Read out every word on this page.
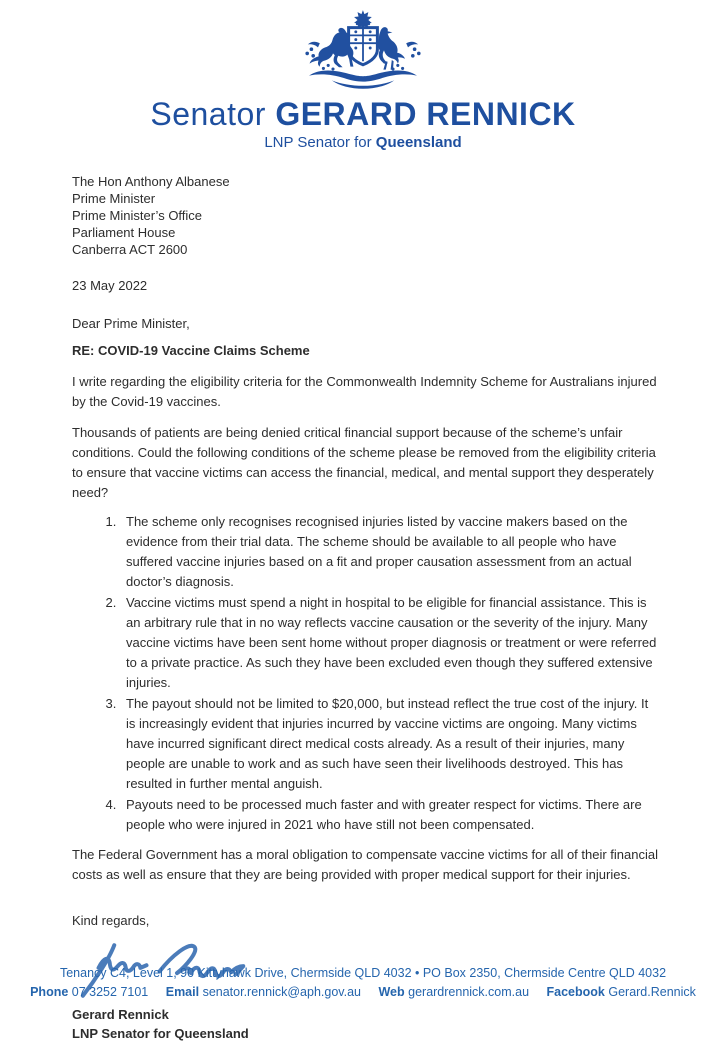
Senator GERARD RENNICK
LNP Senator for Queensland
The Hon Anthony Albanese
Prime Minister
Prime Minister’s Office
Parliament House
Canberra ACT 2600
23 May 2022
Dear Prime Minister,
RE: COVID-19 Vaccine Claims Scheme
I write regarding the eligibility criteria for the Commonwealth Indemnity Scheme for Australians injured by the Covid-19 vaccines.
Thousands of patients are being denied critical financial support because of the scheme’s unfair conditions. Could the following conditions of the scheme please be removed from the eligibility criteria to ensure that vaccine victims can access the financial, medical, and mental support they desperately need?
1. The scheme only recognises recognised injuries listed by vaccine makers based on the evidence from their trial data. The scheme should be available to all people who have suffered vaccine injuries based on a fit and proper causation assessment from an actual doctor’s diagnosis.
2. Vaccine victims must spend a night in hospital to be eligible for financial assistance. This is an arbitrary rule that in no way reflects vaccine causation or the severity of the injury. Many vaccine victims have been sent home without proper diagnosis or treatment or were referred to a private practice. As such they have been excluded even though they suffered extensive injuries.
3. The payout should not be limited to $20,000, but instead reflect the true cost of the injury. It is increasingly evident that injuries incurred by vaccine victims are ongoing. Many victims have incurred significant direct medical costs already. As a result of their injuries, many people are unable to work and as such have seen their livelihoods destroyed. This has resulted in further mental anguish.
4. Payouts need to be processed much faster and with greater respect for victims. There are people who were injured in 2021 who have still not been compensated.
The Federal Government has a moral obligation to compensate vaccine victims for all of their financial costs as well as ensure that they are being provided with proper medical support for their injuries.
Kind regards,
Gerard Rennick
LNP Senator for Queensland
Tenancy C4, Level 1, 90 Kittyhawk Drive, Chermside QLD 4032 • PO Box 2350, Chermside Centre QLD 4032
Phone 07 3252 7101 Email senator.rennick@aph.gov.au Web gerardrennick.com.au Facebook Gerard.Rennick
